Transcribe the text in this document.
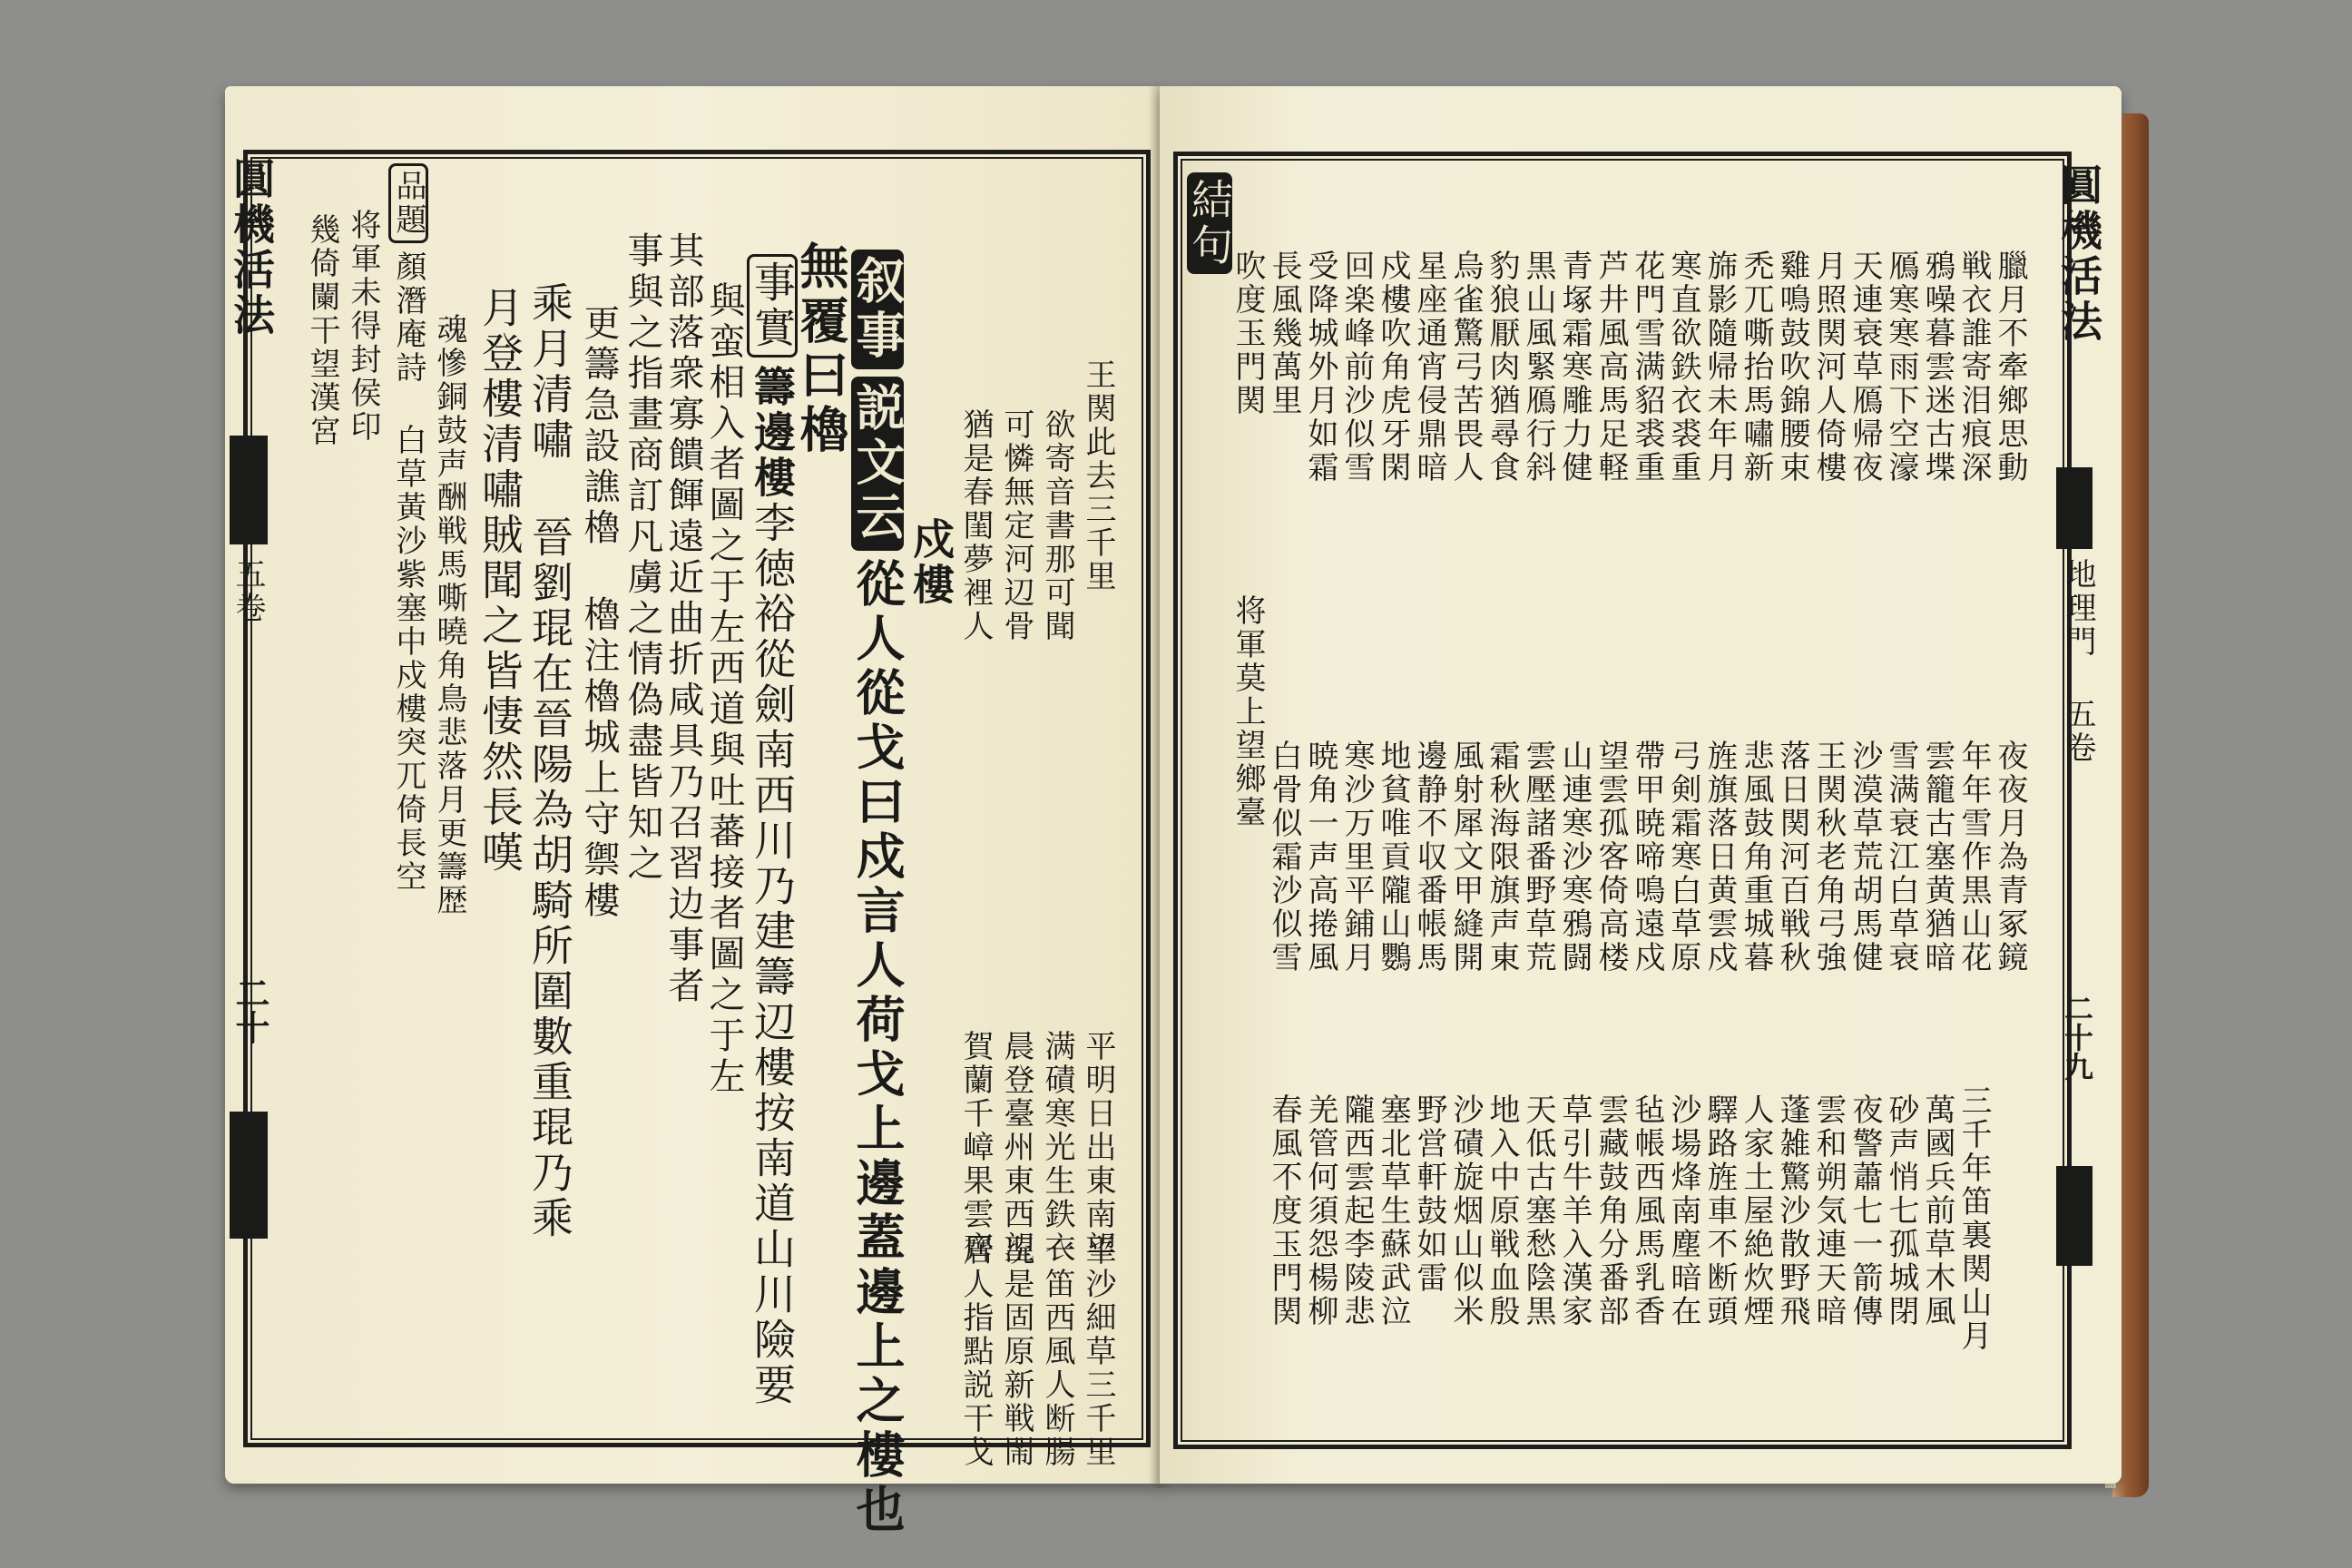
圓機活法
五卷
二十
幾倚闌干望漢宮 将軍未得封侯印
品題顏潛庵詩 白草黃沙紫塞中戍樓突兀倚長空 魂慘銅鼓声酬戦馬嘶曉角鳥悲落月更籌歴 月登樓清嘯賊聞之皆悽然長嘆 乘月清嘯 晉劉琨在晉陽為胡騎所圍數重琨乃乘 更籌急設譙櫓 櫓注櫓城上守禦樓 事與之指畫商訂凡虜之情偽盡皆知之 其部落衆寡饋餫遠近曲折咸具乃召習边事者 與蛮相入者圖之于左西道與吐蕃接者圖之于左 事實籌邊樓李徳裕從劍南西川乃建籌辺樓按南道山川險要
無覆曰櫓
叙事説文云從人從戈曰戍言人荷戈上邊蓋邊上之樓也 戍樓 猶是春閨夢裡人 可憐無定河辺骨 欲寄音書那可聞 王関此去三千里
賀蘭千嶂果雲齊 晨登臺州東西望 满磧寒光生鉄衣 平明日出東南望
居人指點説干戈 况是固原新戦閙 一笛西風人断腸 平沙細草三千里
結句
吹度玉門関 長風幾萬里 受降城外月如霜 回楽峰前沙似雪 戍樓吹角虎牙閑 星座通宵侵鼎暗 烏雀驚弓苦畏人 豹狼厭肉猶尋食 黒山風緊鴈行斜 青塚霜寒雕力健 芦井風高馬足軽 花門雪满貂裘重 寒直欲鉄衣裘重 旆影隨帰未年月 禿兀嘶抬馬嘯新 雞鳴鼓吹錦腰束 月照関河人倚樓 天連衰草鴈帰夜 鴈寒寒雨下空濠 鴉噪暮雲迷古堞 戦衣誰寄泪痕深 臘月不牽鄉思動
将軍莫上望鄉臺
白骨似霜沙似雪 暁角一声高捲風 寒沙万里平鋪月 地貧唯貢隴山鸚 邊静不収番帳馬 風射犀文甲縫開 霜秋海限旗声東 雲壓諸番野草荒 山連寒沙寒鴉闘 望雲孤客倚高楼 帶甲暁啼鳴遠戍 弓剣霜寒白草原 旌旗落日黄雲戍 悲風鼓角重城暮 落日関河百戦秋 王関秋老角弓強 沙漠草荒胡馬健 雪满衰江白草衰 雲籠古塞黄猶暗 年年雪作黒山花 夜夜月為青冢鏡
春風不度玉門関 羌管何須怨楊柳 隴西雲起李陵悲 塞北草生蘇武泣 野営軒鼓如雷 沙磧旋烟山似米 地入中原戦血殷 天低古塞愁陰黒 草引牛羊入漢家 雲藏鼓角分番部 毡帳西風馬乳香 沙場烽南塵暗在 驛路旌車不断頭 人家土屋絶炊煙 蓬雑驚沙散野飛 雲和朔気連天暗 夜警蕭七一箭傳 砂声悄七孤城閉 萬國兵前草木風 三千年笛裏関山月
圓機活法
地理門 五卷
二十九
